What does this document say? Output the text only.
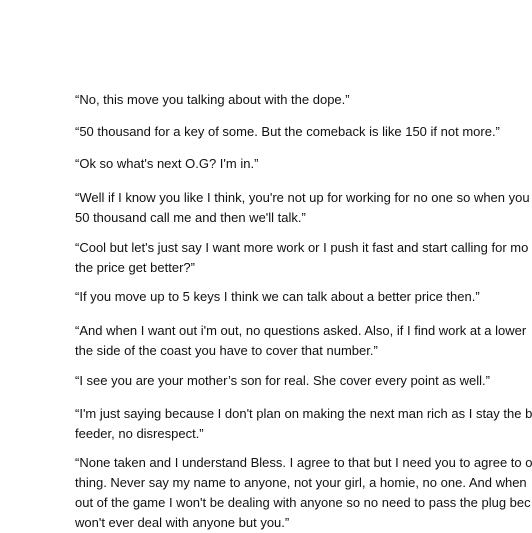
“No, this move you talking about with the dope.”

“50 thousand for a key of some. But the comeback is like 150 if not more.”

“Ok so what's next O.G? I'm in.”

“Well if I know you like I think, you're not up for working for no one so when you
50 thousand call me and then we'll talk.”

“Cool but let's just say I want more work or I push it fast and start calling for mo
the price get better?”

“If you move up to 5 keys I think we can talk about a better price then.”

“And when I want out i'm out, no questions asked. Also, if I find work at a lower
the side of the coast you have to cover that number.”

“I see you are your mother’s son for real. She cover every point as well.”

“I'm just saying because I don't plan on making the next man rich as I stay the b
feeder, no disrespect.”

“None taken and I understand Bless. I agree to that but I need you to agree to o
thing. Never say my name to anyone, not your girl, a homie, no one. And when
out of the game I won't be dealing with anyone so no need to pass the plug bec
won't ever deal with anyone but you.”
